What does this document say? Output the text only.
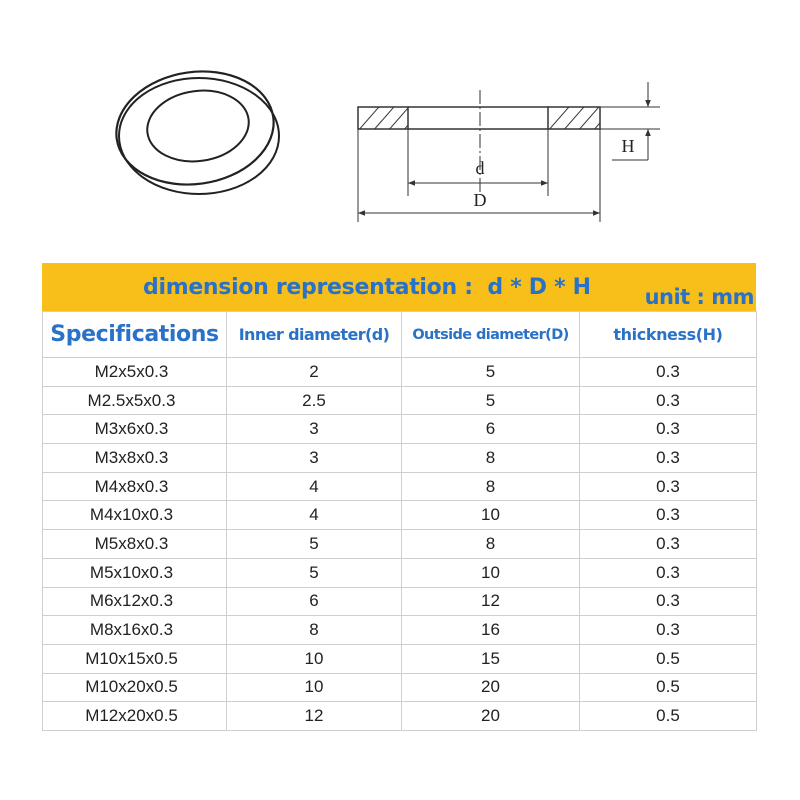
d
D
H
dimension representation :  d * D * H	unit : mm
Specifications	Inner diameter(d)	Outside diameter(D)	thickness(H)
M2x5x0.3	2	5	0.3
M2.5x5x0.3	2.5	5	0.3
M3x6x0.3	3	6	0.3
M3x8x0.3	3	8	0.3
M4x8x0.3	4	8	0.3
M4x10x0.3	4	10	0.3
M5x8x0.3	5	8	0.3
M5x10x0.3	5	10	0.3
M6x12x0.3	6	12	0.3
M8x16x0.3	8	16	0.3
M10x15x0.5	10	15	0.5
M10x20x0.5	10	20	0.5
M12x20x0.5	12	20	0.5
